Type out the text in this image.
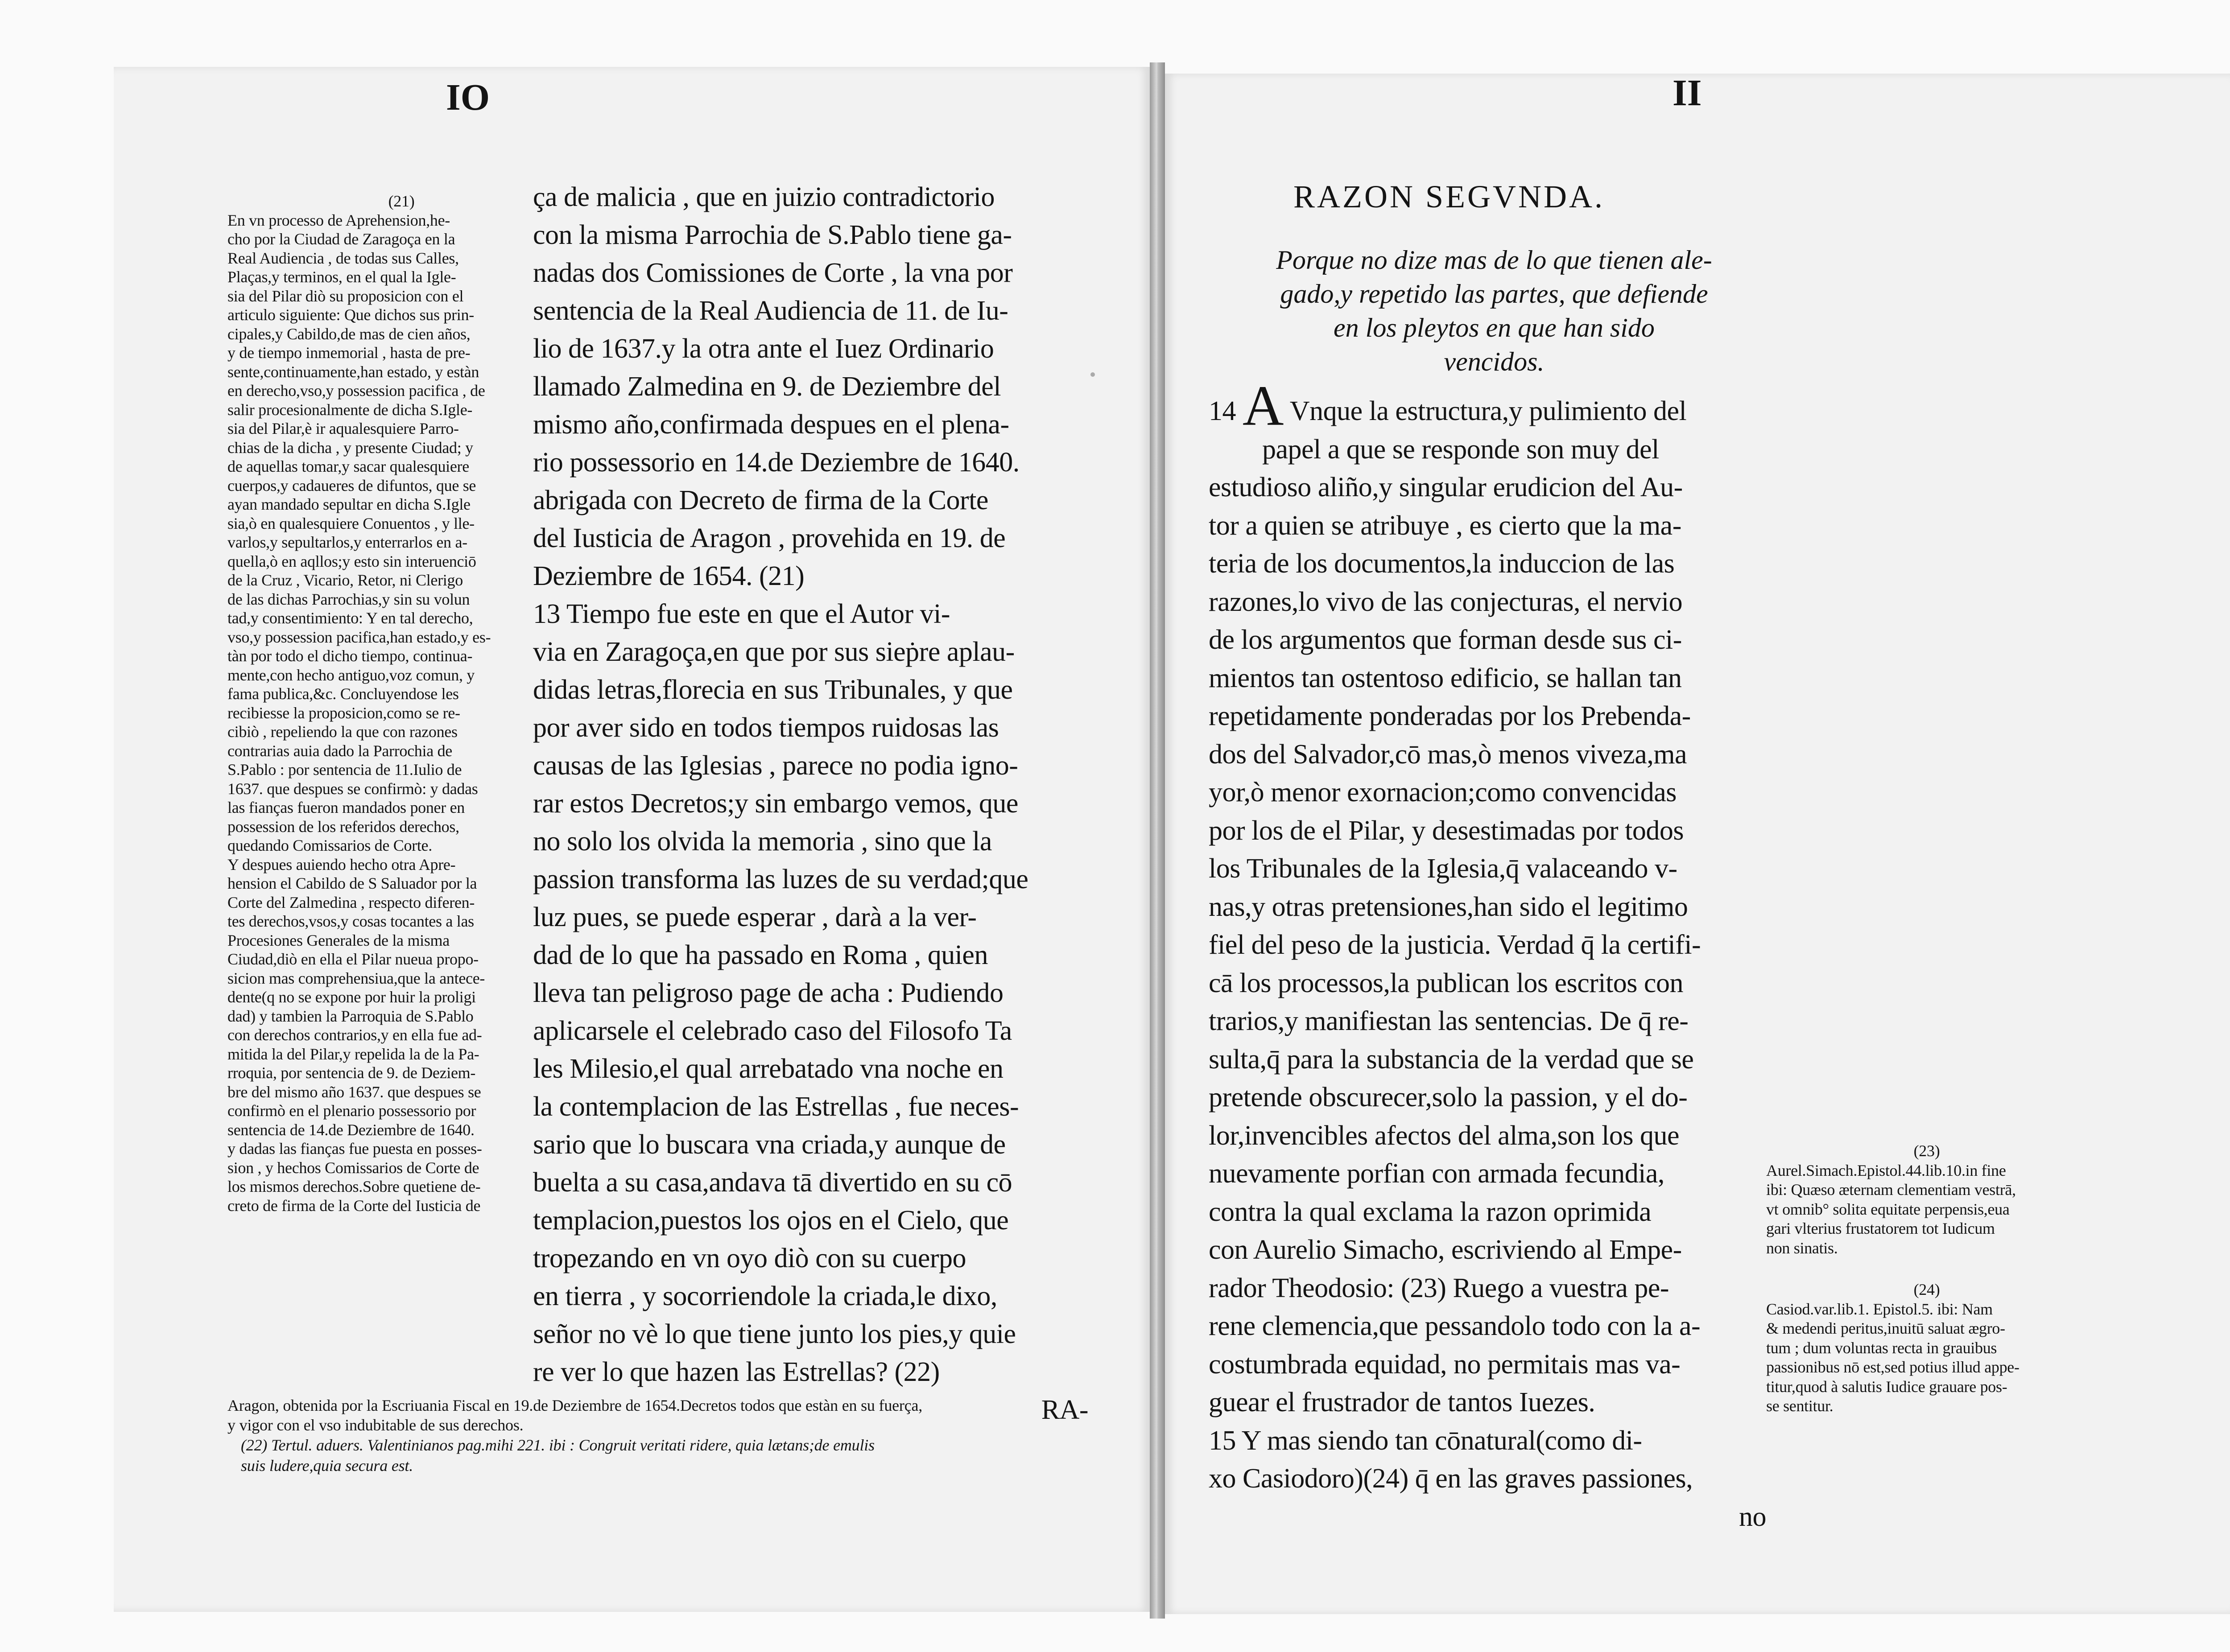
IO
(21)
En vn processo de Aprehension,he-
cho por la Ciudad de Zaragoça en la
Real Audiencia , de todas sus Calles,
Plaças,y terminos, en el qual la Igle-
sia del Pilar diò su proposicion con el
articulo siguiente: Que dichos sus prin-
cipales,y Cabildo,de mas de cien años,
y de tiempo inmemorial , hasta de pre-
sente,continuamente,han estado, y estàn
en derecho,vso,y possession pacifica , de
salir procesionalmente de dicha S.Igle-
sia del Pilar,è ir aqualesquiere Parro-
chias de la dicha , y presente Ciudad; y
de aquellas tomar,y sacar qualesquiere
cuerpos,y cadaueres de difuntos, que se
ayan mandado sepultar en dicha S.Igle
sia,ò en qualesquiere Conuentos , y lle-
varlos,y sepultarlos,y enterrarlos en a-
quella,ò en aqllos;y esto sin interuenciō
de la Cruz , Vicario, Retor, ni Clerigo
de las dichas Parrochias,y sin su volun
tad,y consentimiento: Y en tal derecho,
vso,y possession pacifica,han estado,y es-
tàn por todo el dicho tiempo, continua-
mente,con hecho antiguo,voz comun, y
fama publica,&c. Concluyendose les
recibiesse la proposicion,como se re-
cibiò , repeliendo la que con razones
contrarias auia dado la Parrochia de
S.Pablo : por sentencia de 11.Iulio de
1637. que despues se confirmò: y dadas
las fianças fueron mandados poner en
possession de los referidos derechos,
quedando Comissarios de Corte.
Y despues auiendo hecho otra Apre-
hension el Cabildo de S Saluador por la
Corte del Zalmedina , respecto diferen-
tes derechos,vsos,y cosas tocantes a las
Procesiones Generales de la misma
Ciudad,diò en ella el Pilar nueua propo-
sicion mas comprehensiua,que la antece-
dente(q no se expone por huir la proligi
dad) y tambien la Parroquia de S.Pablo
con derechos contrarios,y en ella fue ad-
mitida la del Pilar,y repelida la de la Pa-
rroquia, por sentencia de 9. de Deziem-
bre del mismo año 1637. que despues se
confirmò en el plenario possessorio por
sentencia de 14.de Deziembre de 1640.
y dadas las fianças fue puesta en posses-
sion , y hechos Comissarios de Corte de
los mismos derechos.Sobre quetiene de-
creto de firma de la Corte del Iusticia de
ça de malicia , que en juizio contradictorio
con la misma Parrochia de S.Pablo tiene ga-
nadas dos Comissiones de Corte , la vna por
sentencia de la Real Audiencia de 11. de Iu-
lio de 1637.y la otra ante el Iuez Ordinario
llamado Zalmedina en 9. de Deziembre del
mismo año,confirmada despues en el plena-
rio possessorio en 14.de Deziembre de 1640.
abrigada con Decreto de firma de la Corte
del Iusticia de Aragon , provehida en 19. de
Deziembre de 1654. (21)
13 Tiempo fue este en que el Autor vi-
via en Zaragoça,en que por sus sieṗre aplau-
didas letras,florecia en sus Tribunales, y que
por aver sido en todos tiempos ruidosas las
causas de las Iglesias , parece no podia igno-
rar estos Decretos;y sin embargo vemos, que
no solo los olvida la memoria , sino que la
passion transforma las luzes de su verdad;que
luz pues, se puede esperar , darà a la ver-
dad de lo que ha passado en Roma , quien
lleva tan peligroso page de acha : Pudiendo
aplicarsele el celebrado caso del Filosofo Ta
les Milesio,el qual arrebatado vna noche en
la contemplacion de las Estrellas , fue neces-
sario que lo buscara vna criada,y aunque de
buelta a su casa,andava tā divertido en su cō
templacion,puestos los ojos en el Cielo, que
tropezando en vn oyo diò con su cuerpo
en tierra , y socorriendole la criada,le dixo,
señor no vè lo que tiene junto los pies,y quie
re ver lo que hazen las Estrellas? (22)
RA-
Aragon, obtenida por la Escriuania Fiscal en 19.de Deziembre de 1654.Decretos todos que estàn en su fuerça,
y vigor con el vso indubitable de sus derechos.
(22) Tertul. aduers. Valentinianos pag.mihi 221. ibi : Congruit veritati ridere, quia lætans;de emulis
suis ludere,quia secura est.
II
RAZON SEGVNDA.
Porque no dize mas de lo que tienen ale-
gado,y repetido las partes, que defiende
en los pleytos en que han sido
vencidos.
14 A Vnque la estructura,y pulimiento del
papel a que se responde son muy del
estudioso aliño,y singular erudicion del Au-
tor a quien se atribuye , es cierto que la ma-
teria de los documentos,la induccion de las
razones,lo vivo de las conjecturas, el nervio
de los argumentos que forman desde sus ci-
mientos tan ostentoso edificio, se hallan tan
repetidamente ponderadas por los Prebenda-
dos del Salvador,cō mas,ò menos viveza,ma
yor,ò menor exornacion;como convencidas
por los de el Pilar, y desestimadas por todos
los Tribunales de la Iglesia,q̄ valaceando v-
nas,y otras pretensiones,han sido el legitimo
fiel del peso de la justicia. Verdad q̄ la certifi-
cā los processos,la publican los escritos con
trarios,y manifiestan las sentencias. De q̄ re-
sulta,q̄ para la substancia de la verdad que se
pretende obscurecer,solo la passion, y el do-
lor,invencibles afectos del alma,son los que
nuevamente porfian con armada fecundia,
contra la qual exclama la razon oprimida
con Aurelio Simacho, escriviendo al Empe-
rador Theodosio: (23) Ruego a vuestra pe-
rene clemencia,que pessandolo todo con la a-
costumbrada equidad, no permitais mas va-
guear el frustrador de tantos Iuezes.
15 Y mas siendo tan cōnatural(como di-
xo Casiodoro)(24) q̄ en las graves passiones,
no
(23)
Aurel.Simach.Epistol.44.lib.10.in fine
ibi: Quæso æternam clementiam vestrā,
vt omnib° solita equitate perpensis,eua
gari vlterius frustatorem tot Iudicum
non sinatis.
(24)
Casiod.var.lib.1. Epistol.5. ibi: Nam
& medendi peritus,inuitū saluat ægro-
tum ; dum voluntas recta in grauibus
passionibus nō est,sed potius illud appe-
titur,quod à salutis Iudice grauare pos-
se sentitur.
